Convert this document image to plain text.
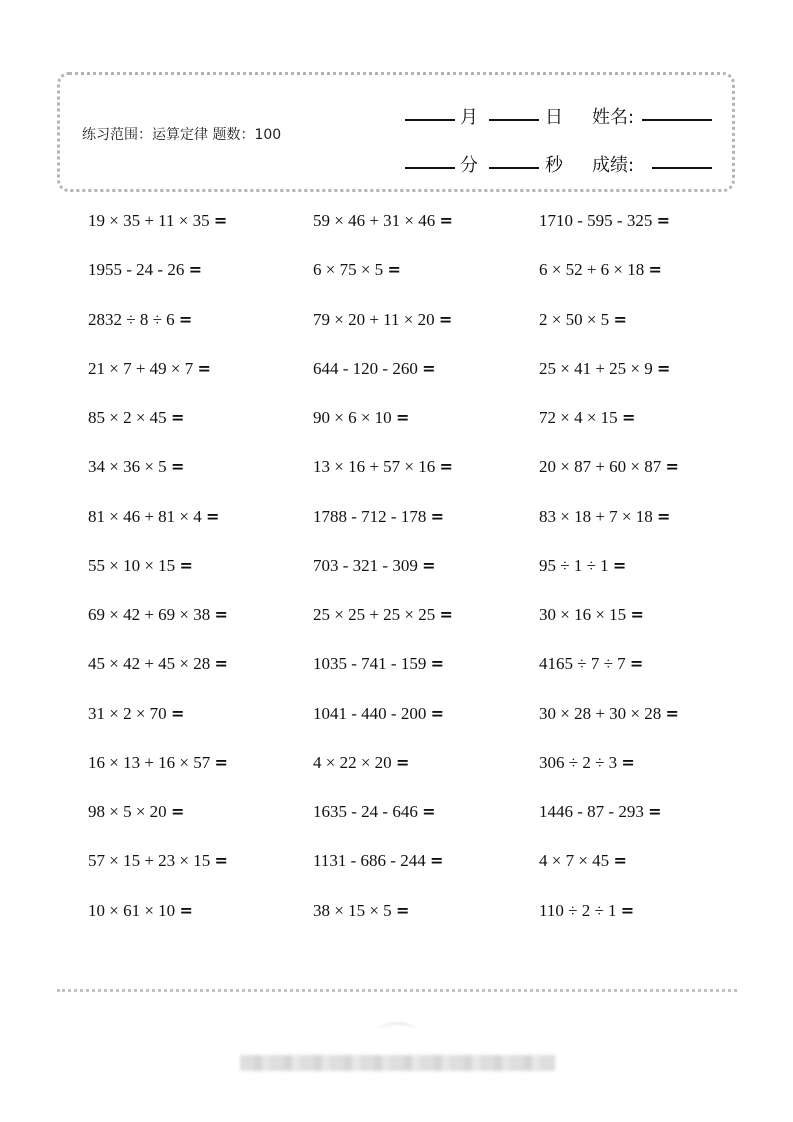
练习范围：运算定律 题数：100
月	日 姓名:
分	秒 成绩:
19 × 35 + 11 × 35 =	59 × 46 + 31 × 46 =	1710 - 595 - 325 =
1955 - 24 - 26 =	6 × 75 × 5 =	6 × 52 + 6 × 18 =
2832 ÷ 8 ÷ 6 =	79 × 20 + 11 × 20 =	2 × 50 × 5 =
21 × 7 + 49 × 7 =	644 - 120 - 260 =	25 × 41 + 25 × 9 =
85 × 2 × 45 =	90 × 6 × 10 =	72 × 4 × 15 =
34 × 36 × 5 =	13 × 16 + 57 × 16 =	20 × 87 + 60 × 87 =
81 × 46 + 81 × 4 =	1788 - 712 - 178 =	83 × 18 + 7 × 18 =
55 × 10 × 15 =	703 - 321 - 309 =	95 ÷ 1 ÷ 1 =
69 × 42 + 69 × 38 =	25 × 25 + 25 × 25 =	30 × 16 × 15 =
45 × 42 + 45 × 28 =	1035 - 741 - 159 =	4165 ÷ 7 ÷ 7 =
31 × 2 × 70 =	1041 - 440 - 200 =	30 × 28 + 30 × 28 =
16 × 13 + 16 × 57 =	4 × 22 × 20 =	306 ÷ 2 ÷ 3 =
98 × 5 × 20 =	1635 - 24 - 646 =	1446 - 87 - 293 =
57 × 15 + 23 × 15 =	1131 - 686 - 244 =	4 × 7 × 45 =
10 × 61 × 10 =	38 × 15 × 5 =	110 ÷ 2 ÷ 1 =
